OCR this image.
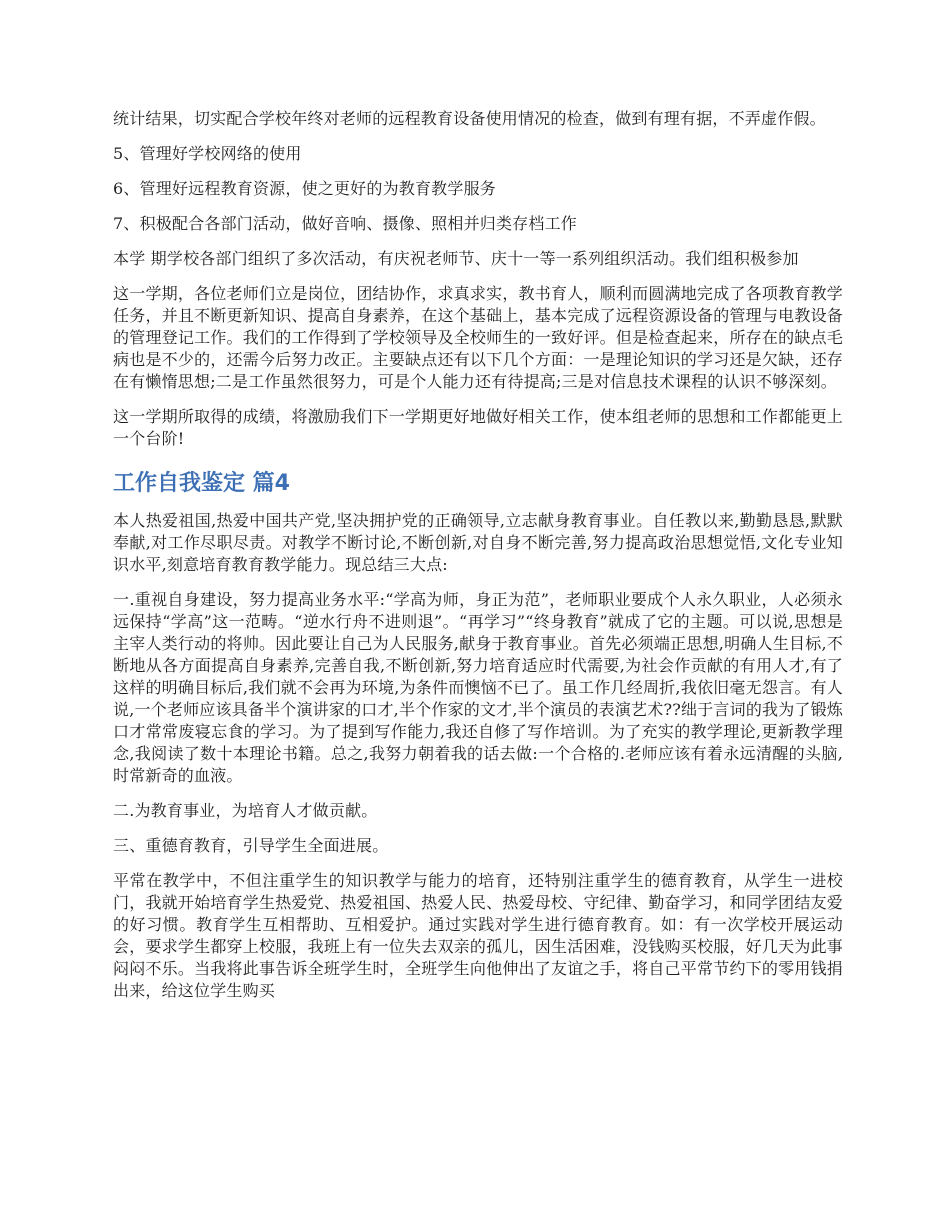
统计结果，切实配合学校年终对老师的远程教育设备使用情况的检查，做到有理有据，不弄虚作假。

5、管理好学校网络的使用

6、管理好远程教育资源，使之更好的为教育教学服务

7、积极配合各部门活动，做好音响、摄像、照相并归类存档工作

本学 期学校各部门组织了多次活动，有庆祝老师节、庆十一等一系列组织活动。我们组积极参加

这一学期，各位老师们立是岗位，团结协作，求真求实，教书育人，顺利而圆满地完成了各项教育教学任务，并且不断更新知识、提高自身素养，在这个基础上，基本完成了远程资源设备的管理与电教设备的管理登记工作。我们的工作得到了学校领导及全校师生的一致好评。但是检查起来，所存在的缺点毛病也是不少的，还需今后努力改正。主要缺点还有以下几个方面：一是理论知识的学习还是欠缺，还存在有懒惰思想;二是工作虽然很努力，可是个人能力还有待提高;三是对信息技术课程的认识不够深刻。

这一学期所取得的成绩，将激励我们下一学期更好地做好相关工作，使本组老师的思想和工作都能更上一个台阶!

工作自我鉴定 篇4

本人热爱祖国,热爱中国共产党,坚决拥护党的正确领导,立志献身教育事业。自任教以来,勤勤恳恳,默默奉献,对工作尽职尽责。对教学不断讨论,不断创新,对自身不断完善,努力提高政治思想觉悟,文化专业知识水平,刻意培育教育教学能力。现总结三大点:

一.重视自身建设，努力提高业务水平:“学高为师，身正为范”，老师职业要成个人永久职业，人必须永远保持“学高”这一范畴。“逆水行舟不进则退”。“再学习”“终身教育”就成了它的主题。可以说,思想是主宰人类行动的将帅。因此要让自己为人民服务,献身于教育事业。首先必须端正思想,明确人生目标,不断地从各方面提高自身素养,完善自我,不断创新,努力培育适应时代需要,为社会作贡献的有用人才,有了这样的明确目标后,我们就不会再为环境,为条件而懊恼不已了。虽工作几经周折,我依旧毫无怨言。有人说,一个老师应该具备半个演讲家的口才,半个作家的文才,半个演员的表演艺术??绌于言词的我为了锻炼口才常常废寝忘食的学习。为了提到写作能力,我还自修了写作培训。为了充实的教学理论,更新教学理念,我阅读了数十本理论书籍。总之,我努力朝着我的话去做:一个合格的.老师应该有着永远清醒的头脑,时常新奇的血液。

二.为教育事业，为培育人才做贡献。

三、重德育教育，引导学生全面进展。

平常在教学中，不但注重学生的知识教学与能力的培育，还特别注重学生的德育教育，从学生一进校门，我就开始培育学生热爱党、热爱祖国、热爱人民、热爱母校、守纪律、勤奋学习，和同学团结友爱的好习惯。教育学生互相帮助、互相爱护。通过实践对学生进行德育教育。如：有一次学校开展运动会，要求学生都穿上校服，我班上有一位失去双亲的孤儿，因生活困难，没钱购买校服，好几天为此事闷闷不乐。当我将此事告诉全班学生时，全班学生向他伸出了友谊之手，将自己平常节约下的零用钱捐出来，给这位学生购买
